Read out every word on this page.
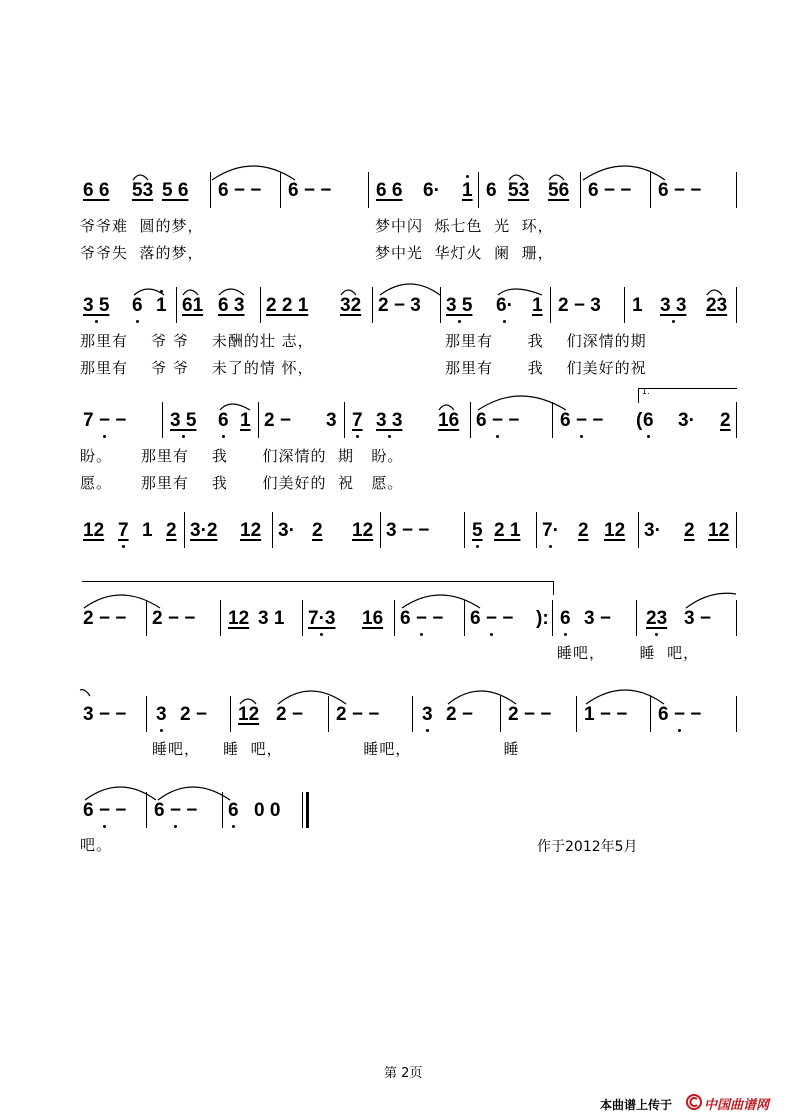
6 6 53 5 6 6 − − 6 − − 6 6 6· 1 6 53 56 6 − − 6 − −
爷爷难  圆的梦，	梦中闪  烁七色  光  环，
爷爷失  落的梦，	梦中光  华灯火  阑  珊，
3 5 6 1 61 6 3 2 2 1 32 2 − 3 3 5 6· 1 2 − 3 1 3 3 23
那里有    爷 爷    未酬的壮 志，	那里有      我    们深情的期
那里有    爷 爷    未了的情 怀，	那里有      我    们美好的祝
1.
7 − − 3 5 6 1 2 − 3 7 3 3 16 6 − − 6 − − ( 6 3· 2
盼。     那里有    我      们深情的  期   盼。
愿。     那里有    我      们美好的  祝   愿。
12 7 1 2 3·2 12 3· 2 12 3 − − 5 2 1 7· 2 12 3· 2 12
2 − − 2 − − 12 3 1 7·3 16 6 − − 6 − − ): 6 3 − 23 3 −
睡吧，      睡  吧，
3 − − 3 2 − 12 2 − 2 − − 3 2 − 2 − − 1 − − 6 − −
睡吧，    睡  吧，              睡吧，                睡
6 − − 6 − − 6 0 0
吧。	作于2012年5月
第 2页
本曲谱上传于 中国曲谱网
